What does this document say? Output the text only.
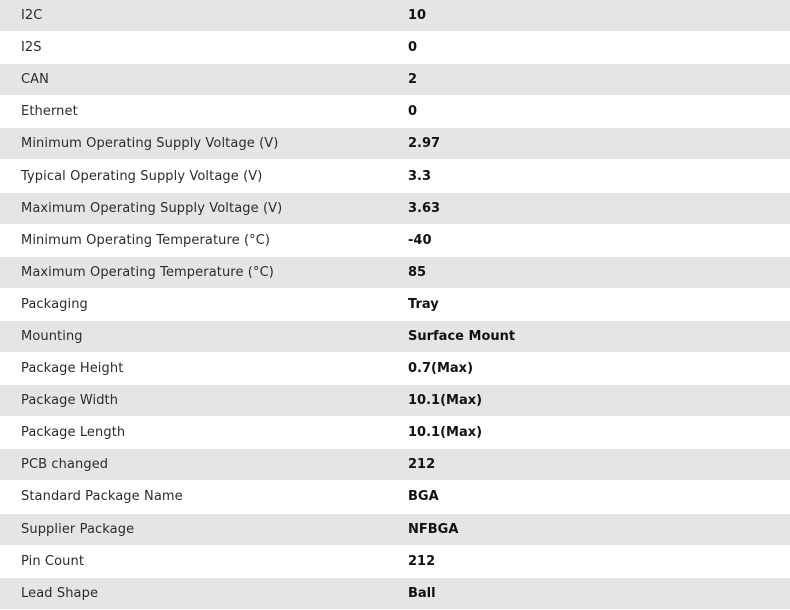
I2C	10
I2S	0
CAN	2
Ethernet	0
Minimum Operating Supply Voltage (V)	2.97
Typical Operating Supply Voltage (V)	3.3
Maximum Operating Supply Voltage (V)	3.63
Minimum Operating Temperature (°C)	-40
Maximum Operating Temperature (°C)	85
Packaging	Tray
Mounting	Surface Mount
Package Height	0.7(Max)
Package Width	10.1(Max)
Package Length	10.1(Max)
PCB changed	212
Standard Package Name	BGA
Supplier Package	NFBGA
Pin Count	212
Lead Shape	Ball
